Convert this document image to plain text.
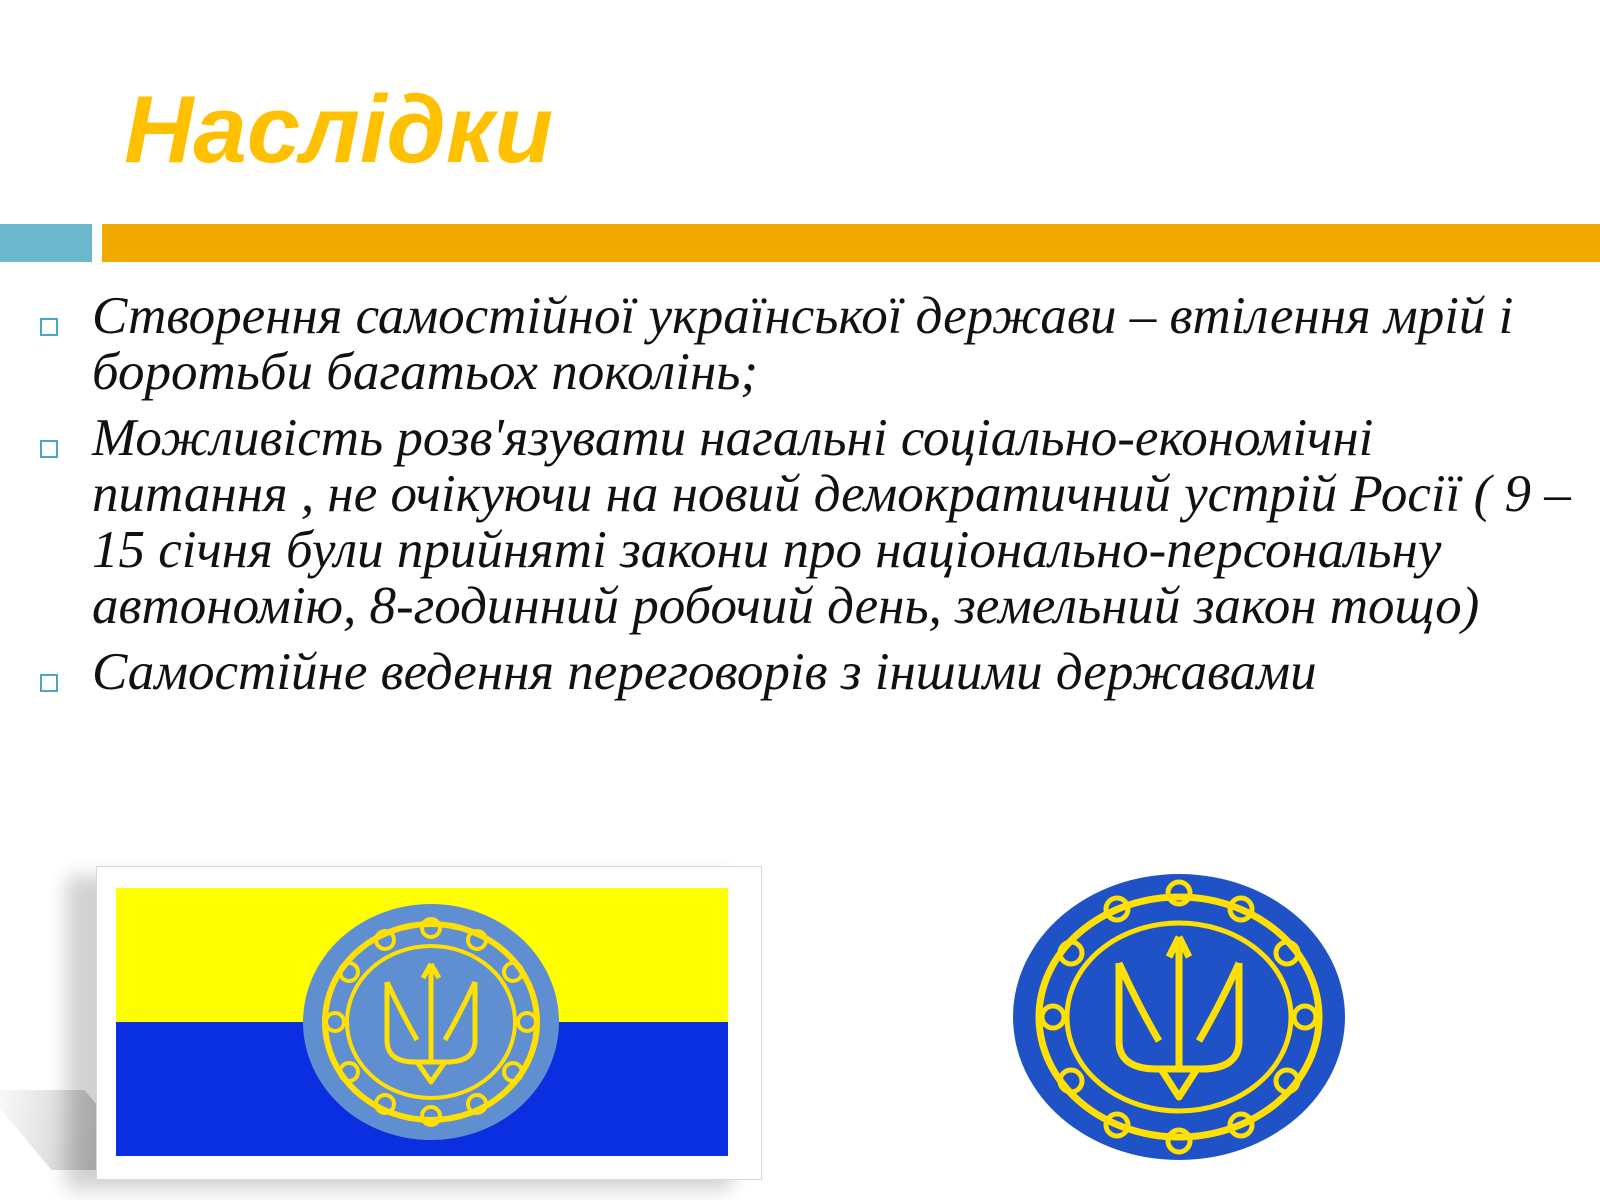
Наслідки
Створення самостійної української держави – втілення мрій і боротьби багатьох поколінь;
Можливість розв'язувати нагальні соціально-економічні питання , не очікуючи на новий демократичний устрій Росії ( 9 – 15 січня були прийняті закони про національно-персональну автономію, 8-годинний робочий день, земельний закон тощо)
Самостійне ведення переговорів з іншими державами
